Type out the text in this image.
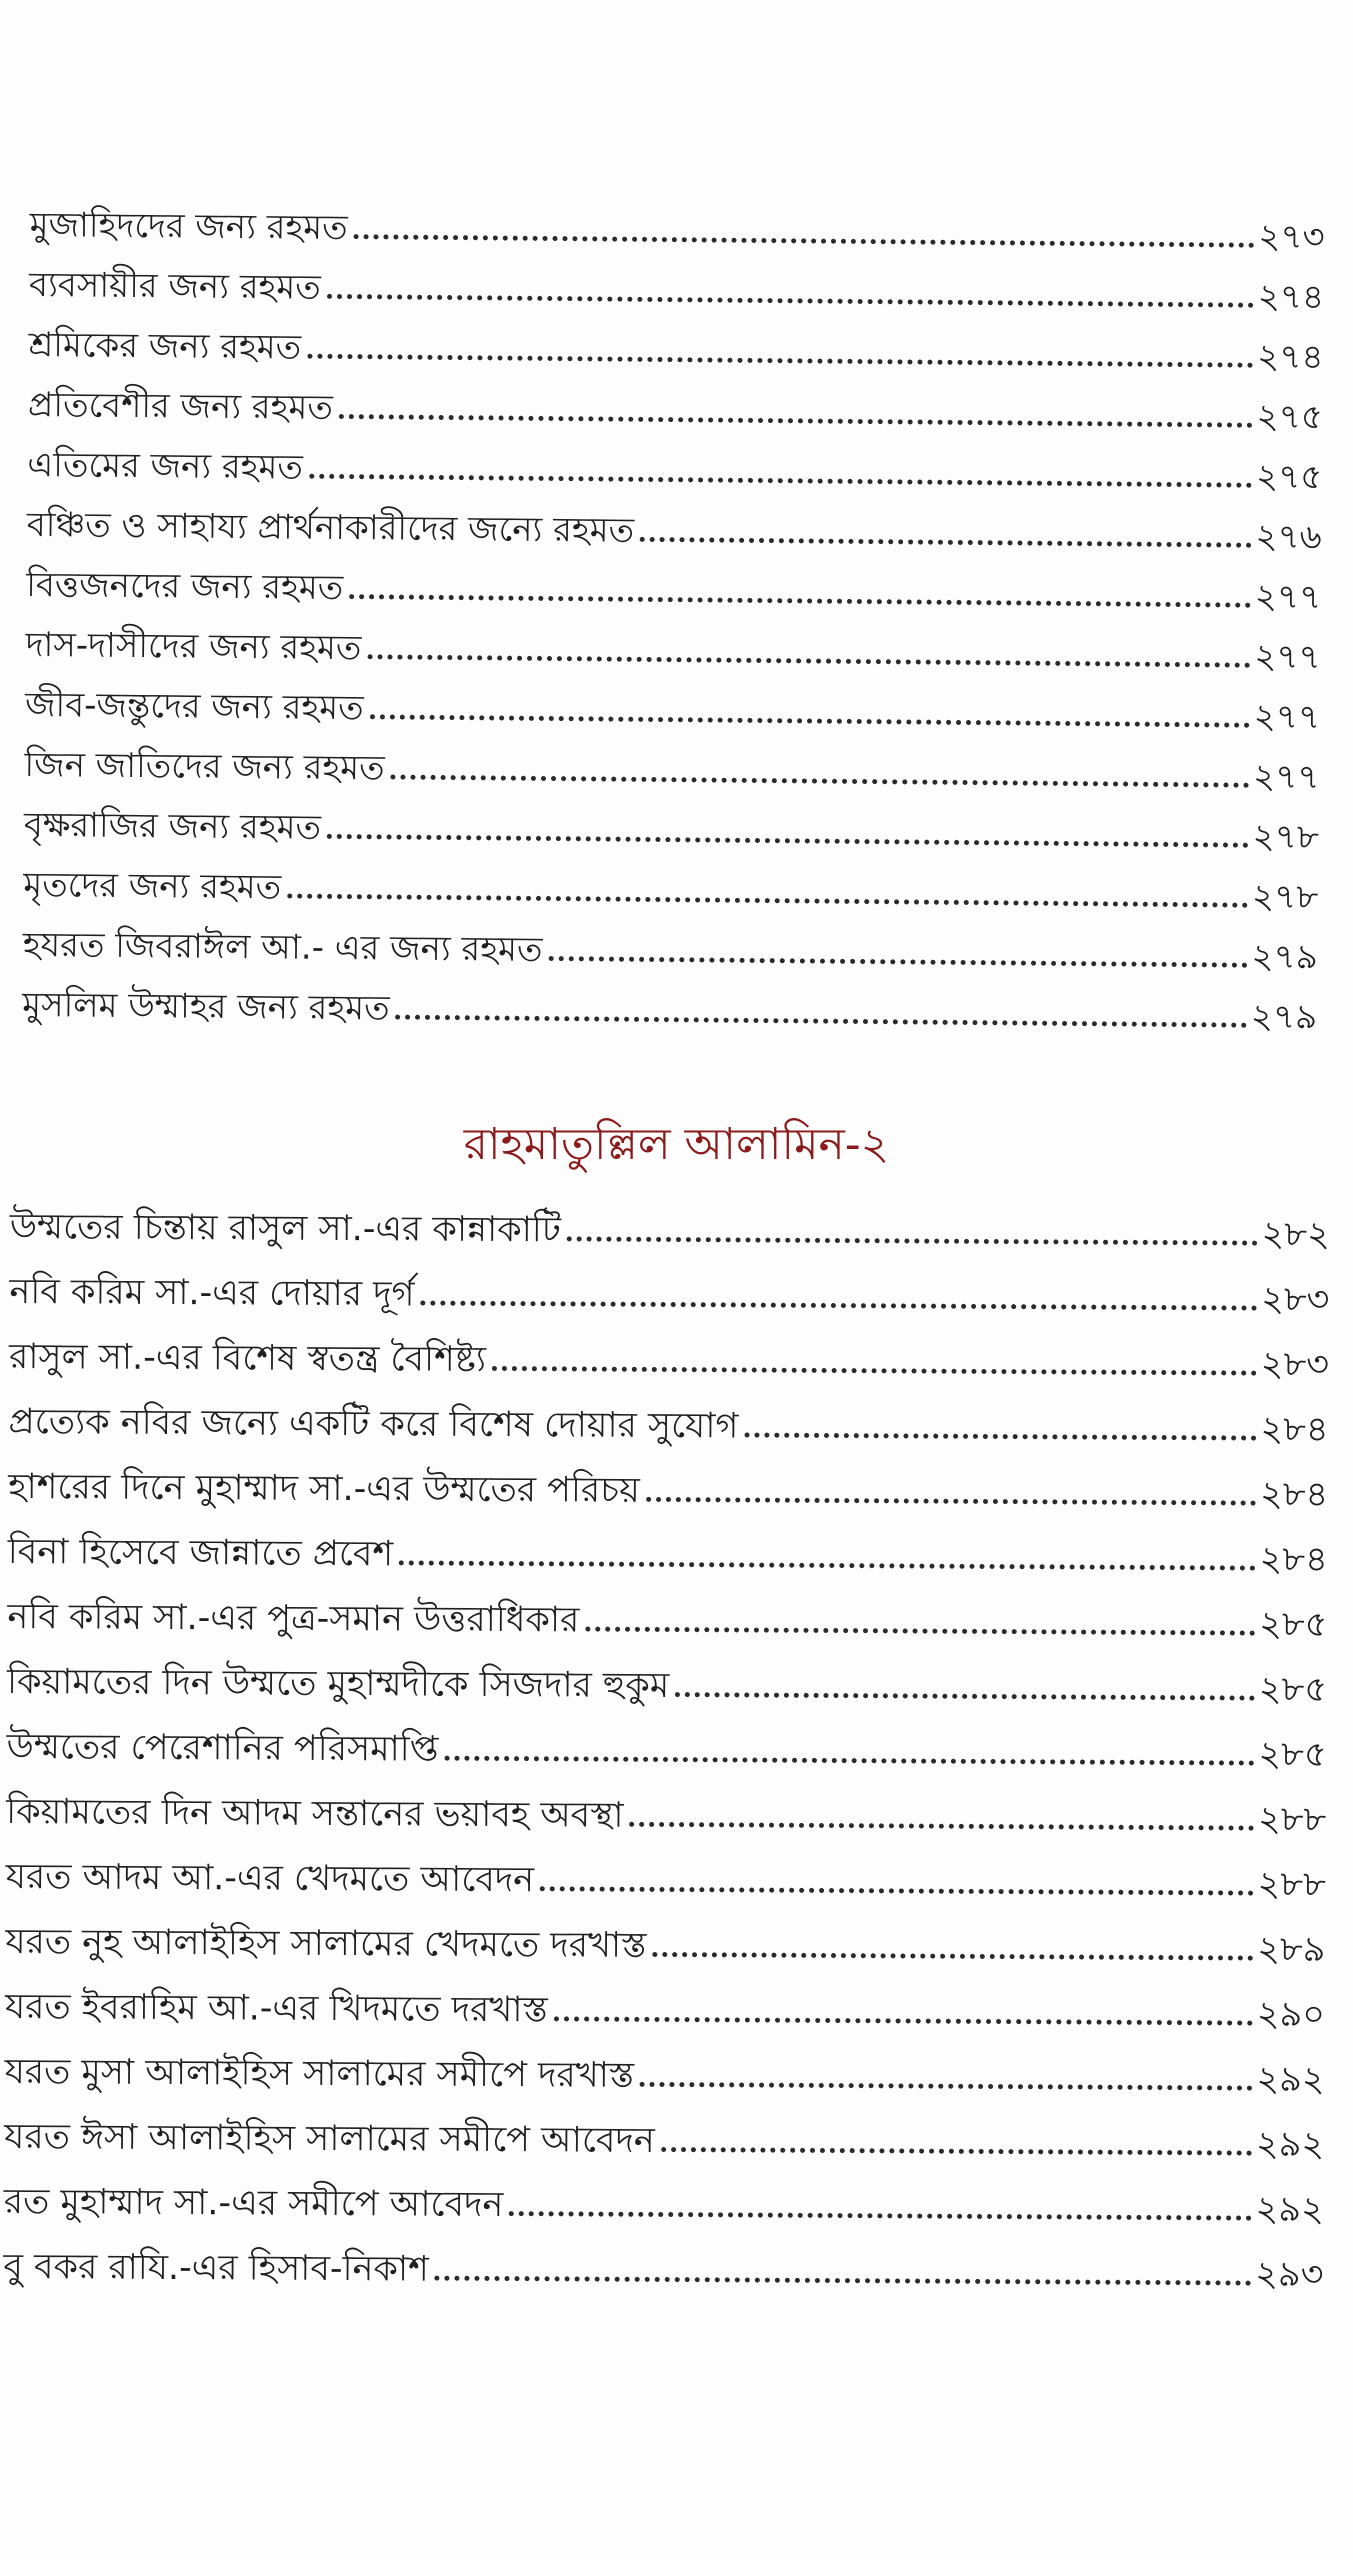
মুজাহিদদের জন্য রহমত	২৭৩
ব্যবসায়ীর জন্য রহমত	২৭৪
শ্রমিকের জন্য রহমত	২৭৪
প্রতিবেশীর জন্য রহমত	২৭৫
এতিমের জন্য রহমত	২৭৫
বঞ্চিত ও সাহায্য প্রার্থনাকারীদের জন্যে রহমত	২৭৬
বিত্তজনদের জন্য রহমত	২৭৭
দাস-দাসীদের জন্য রহমত	২৭৭
জীব-জন্তুদের জন্য রহমত	২৭৭
জিন জাতিদের জন্য রহমত	২৭৭
বৃক্ষরাজির জন্য রহমত	২৭৮
মৃতদের জন্য রহমত	২৭৮
হযরত জিবরাঈল আ.- এর জন্য রহমত	২৭৯
মুসলিম উম্মাহর জন্য রহমত	২৭৯
রাহমাতুল্লিল আলামিন-২
উম্মতের চিন্তায় রাসুল সা.-এর কান্নাকাটি	২৮২
নবি করিম সা.-এর দোয়ার দূর্গ	২৮৩
রাসুল সা.-এর বিশেষ স্বতন্ত্র বৈশিষ্ট্য	২৮৩
প্রত্যেক নবির জন্যে একটি করে বিশেষ দোয়ার সুযোগ	২৮৪
হাশরের দিনে মুহাম্মাদ সা.-এর উম্মতের পরিচয়	২৮৪
বিনা হিসেবে জান্নাতে প্রবেশ	২৮৪
নবি করিম সা.-এর পুত্র-সমান উত্তরাধিকার	২৮৫
কিয়ামতের দিন উম্মতে মুহাম্মদীকে সিজদার হুকুম	২৮৫
উম্মতের পেরেশানির পরিসমাপ্তি	২৮৫
কিয়ামতের দিন আদম সন্তানের ভয়াবহ অবস্থা	২৮৮
যরত আদম আ.-এর খেদমতে আবেদন	২৮৮
যরত নুহ আলাইহিস সালামের খেদমতে দরখাস্ত	২৮৯
যরত ইবরাহিম আ.-এর খিদমতে দরখাস্ত	২৯০
যরত মুসা আলাইহিস সালামের সমীপে দরখাস্ত	২৯২
যরত ঈসা আলাইহিস সালামের সমীপে আবেদন	২৯২
রত মুহাম্মাদ সা.-এর সমীপে আবেদন	২৯২
বু বকর রাযি.-এর হিসাব-নিকাশ	২৯৩
